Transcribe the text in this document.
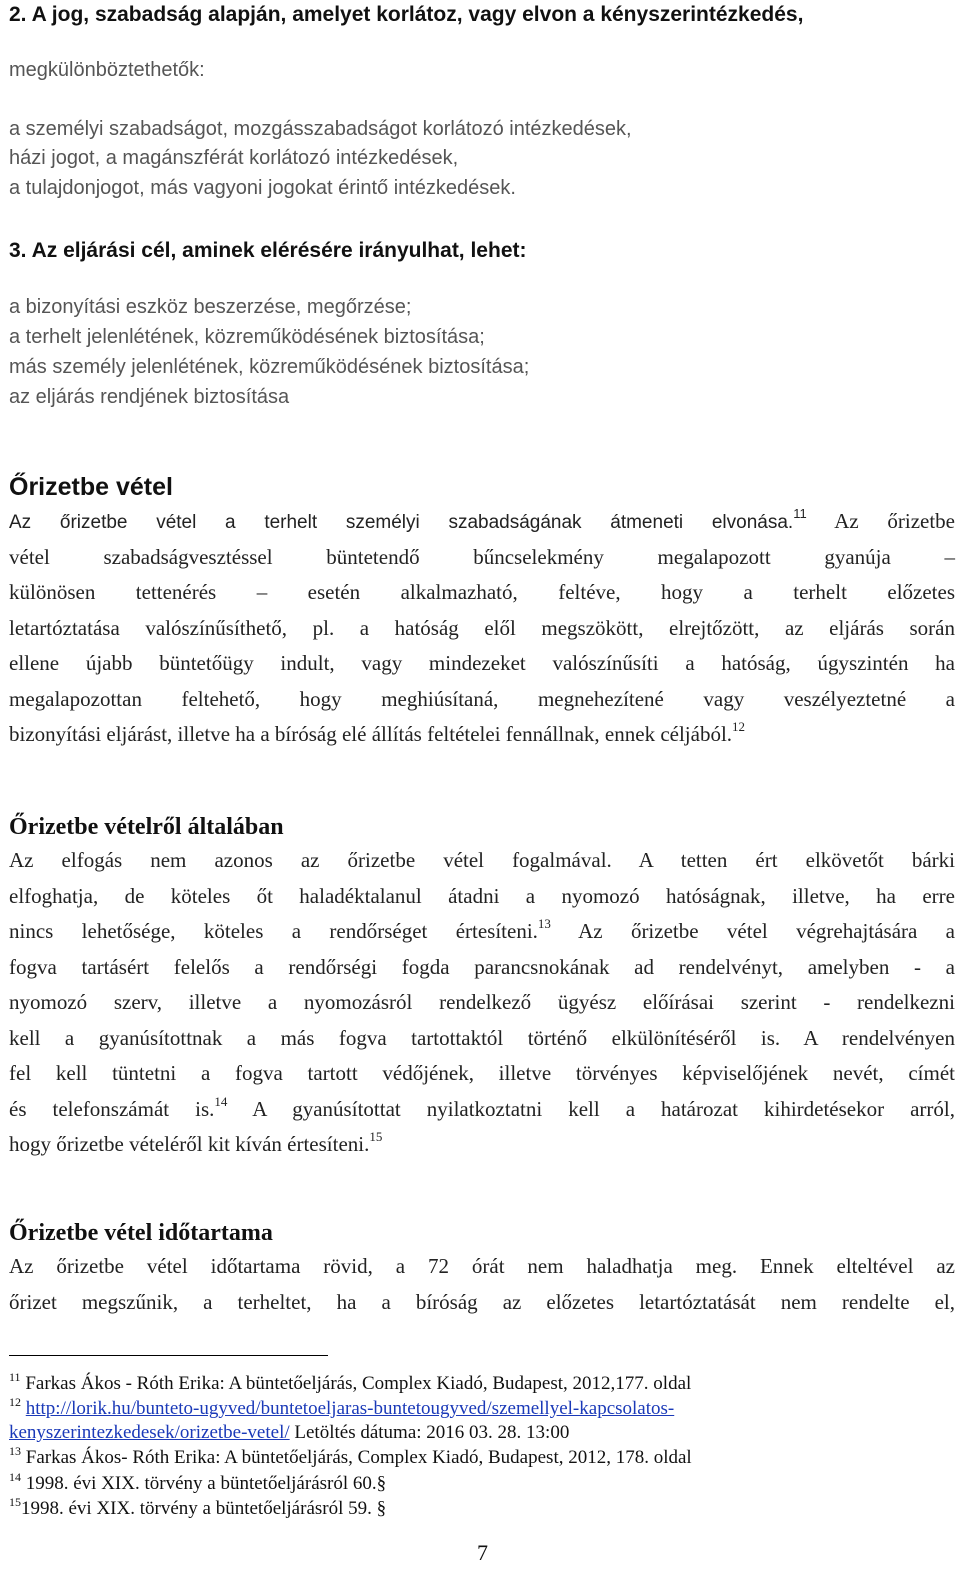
2. A jog, szabadság alapján, amelyet korlátoz, vagy elvon a kényszerintézkedés,
megkülönböztethetők:
a személyi szabadságot, mozgásszabadságot korlátozó intézkedések,
házi jogot, a magánszférát korlátozó intézkedések,
a tulajdonjogot, más vagyoni jogokat érintő intézkedések.
3. Az eljárási cél, aminek elérésére irányulhat, lehet:
a bizonyítási eszköz beszerzése, megőrzése;
a terhelt jelenlétének, közreműködésének biztosítása;
más személy jelenlétének, közreműködésének biztosítása;
az eljárás rendjének biztosítása
Őrizetbe vétel
Az őrizetbe vétel a terhelt személyi szabadságának átmeneti elvonása.$^{11}$ Az őrizetbe
vétel szabadságvesztéssel büntetendő bűncselekmény megalapozott gyanúja –
különösen tettenérés – esetén alkalmazható, feltéve, hogy a terhelt előzetes
letartóztatása valószínűsíthető, pl. a hatóság elől megszökött, elrejtőzött, az eljárás során
ellene újabb büntetőügy indult, vagy mindezeket valószínűsíti a hatóság, úgyszintén ha
megalapozottan feltehető, hogy meghiúsítaná, megnehezítené vagy veszélyeztetné a
bizonyítási eljárást, illetve ha a bíróság elé állítás feltételei fennállnak, ennek céljából.$^{12}$
Őrizetbe vételről általában
Az elfogás nem azonos az őrizetbe vétel fogalmával. A tetten ért elkövetőt bárki
elfoghatja, de köteles őt haladéktalanul átadni a nyomozó hatóságnak, illetve, ha erre
nincs lehetősége, köteles a rendőrséget értesíteni.$^{13}$ Az őrizetbe vétel végrehajtására a
fogva tartásért felelős a rendőrségi fogda parancsnokának ad rendelvényt, amelyben - a
nyomozó szerv, illetve a nyomozásról rendelkező ügyész előírásai szerint - rendelkezni
kell a gyanúsítottnak a más fogva tartottaktól történő elkülönítéséről is. A rendelvényen
fel kell tüntetni a fogva tartott védőjének, illetve törvényes képviselőjének nevét, címét
és telefonszámát is.$^{14}$ A gyanúsítottat nyilatkoztatni kell a határozat kihirdetésekor arról,
hogy őrizetbe vételéről kit kíván értesíteni.$^{15}$
Őrizetbe vétel időtartama
Az őrizetbe vétel időtartama rövid, a 72 órát nem haladhatja meg. Ennek elteltével az
őrizet megszűnik, a terheltet, ha a bíróság az előzetes letartóztatását nem rendelte el,
$^{11}$ Farkas Ákos - Róth Erika: A büntetőeljárás, Complex Kiadó, Budapest, 2012,177. oldal
$^{12}$ http://lorik.hu/bunteto-ugyved/buntetoeljaras-buntetougyved/szemellyel-kapcsolatos-
kenyszerintezkedesek/orizetbe-vetel/ Letöltés dátuma: 2016 03. 28. 13:00
$^{13}$ Farkas Ákos- Róth Erika: A büntetőeljárás, Complex Kiadó, Budapest, 2012, 178. oldal
$^{14}$ 1998. évi XIX. törvény a büntetőeljárásról 60.§
$^{15}$1998. évi XIX. törvény a büntetőeljárásról 59. §
7
